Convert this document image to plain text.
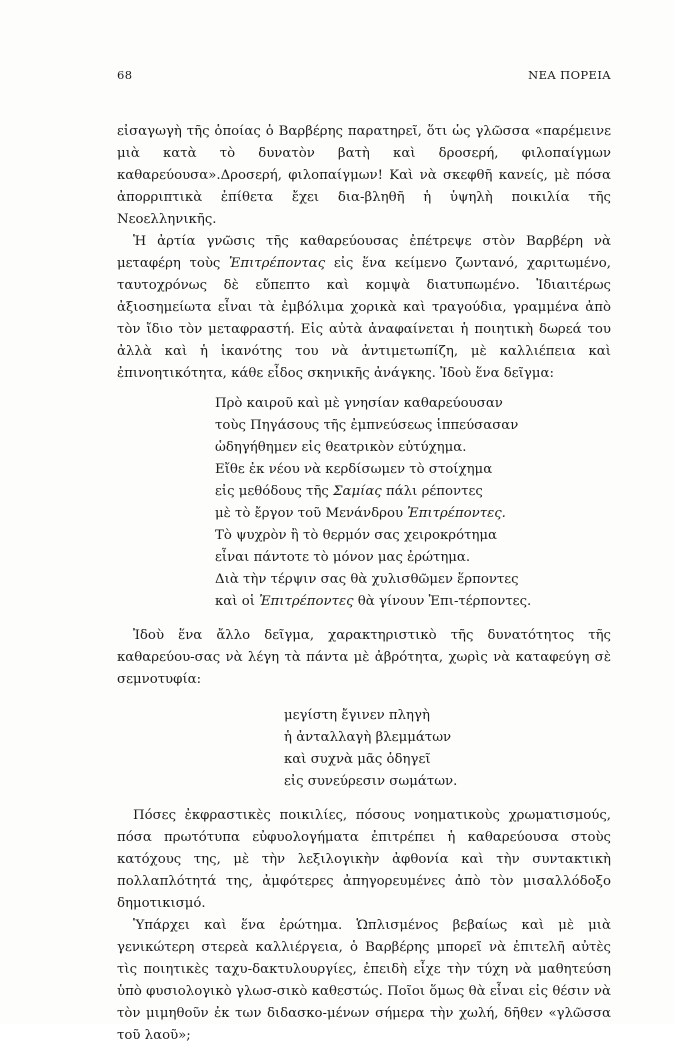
68	ΝΕΑ ΠΟΡΕΙΑ

εἰσαγωγὴ τῆς ὁποίας ὁ Βαρβέρης παρατηρεῖ, ὅτι ὡς γλῶσσα «παρέμεινε μιὰ κατὰ τὸ δυνατὸν βατὴ καὶ δροσερή, φιλοπαίγμων καθαρεύουσα».Δροσερή, φιλοπαίγμων! Καὶ νὰ σκεφθῆ κανείς, μὲ πόσα ἀπορριπτικὰ ἐπίθετα ἔχει δια-βληθῆ ἡ ὑψηλὴ ποικιλία τῆς Νεοελληνικῆς.

Ἡ ἀρτία γνῶσις τῆς καθαρεύουσας ἐπέτρεψε στὸν Βαρβέρη νὰ μεταφέρη τοὺς Ἐπιτρέποντας εἰς ἕνα κείμενο ζωντανό, χαριτωμένο, ταυτοχρόνως δὲ εὔπεπτο καὶ κομψὰ διατυπωμένο. Ἰδιαιτέρως ἀξιοσημείωτα εἶναι τὰ ἐμβόλιμα χορικὰ καὶ τραγούδια, γραμμένα ἀπὸ τὸν ἴδιο τὸν μεταφραστή. Εἰς αὐτὰ ἀναφαίνεται ἡ ποιητικὴ δωρεά του ἀλλὰ καὶ ἡ ἱκανότης του νὰ ἀντιμετωπίζη, μὲ καλλιέπεια καὶ ἐπινοητικότητα, κάθε εἶδος σκηνικῆς ἀνάγκης. Ἰδοὺ ἕνα δεῖγμα:

Πρὸ καιροῦ καὶ μὲ γνησίαν καθαρεύουσαν
τοὺς Πηγάσους τῆς ἐμπνεύσεως ἱππεύσασαν
ὡδηγήθημεν εἰς θεατρικὸν εὐτύχημα.
Εἴθε ἐκ νέου νὰ κερδίσωμεν τὸ στοίχημα
εἰς μεθόδους τῆς Σαμίας πάλι ρέποντες
μὲ τὸ ἔργον τοῦ Μενάνδρου Ἐπιτρέποντες.
Τὸ ψυχρὸν ἢ τὸ θερμόν σας χειροκρότημα
εἶναι πάντοτε τὸ μόνον μας ἐρώτημα.
Διὰ τὴν τέρψιν σας θὰ χυλισθῶμεν ἕρποντες
καὶ οἱ Ἐπιτρέποντες θὰ γίνουν Ἐπι-τέρποντες.

Ἰδοὺ ἕνα ἄλλο δεῖγμα, χαρακτηριστικὸ τῆς δυνατότητος τῆς καθαρεύου-σας νὰ λέγη τὰ πάντα μὲ ἀβρότητα, χωρὶς νὰ καταφεύγη σὲ σεμνοτυφία:

μεγίστη ἔγινεν πληγὴ
ἡ ἀνταλλαγὴ βλεμμάτων
καὶ συχνὰ μᾶς ὁδηγεῖ
εἰς συνεύρεσιν σωμάτων.

Πόσες ἐκφραστικὲς ποικιλίες, πόσους νοηματικοὺς χρωματισμούς, πόσα πρωτότυπα εὐφυολογήματα ἐπιτρέπει ἡ καθαρεύουσα στοὺς κατόχους της, μὲ τὴν λεξιλογικὴν ἀφθονία καὶ τὴν συντακτικὴ πολλαπλότητά της, ἀμφότερες ἀπηγορευμένες ἀπὸ τὸν μισαλλόδοξο δημοτικισμό.

Ὑπάρχει καὶ ἕνα ἐρώτημα. Ὡπλισμένος βεβαίως καὶ μὲ μιὰ γενικώτερη στερεὰ καλλιέργεια, ὁ Βαρβέρης μπορεῖ νὰ ἐπιτελῆ αὐτὲς τὶς ποιητικὲς ταχυ-δακτυλουργίες, ἐπειδὴ εἶχε τὴν τύχη νὰ μαθητεύση ὑπὸ φυσιολογικὸ γλωσ-σικὸ καθεστώς. Ποῖοι ὅμως θὰ εἶναι εἰς θέσιν νὰ τὸν μιμηθοῦν ἐκ των διδασκο-μένων σήμερα τὴν χωλή, δῆθεν «γλῶσσα τοῦ λαοῦ»;
